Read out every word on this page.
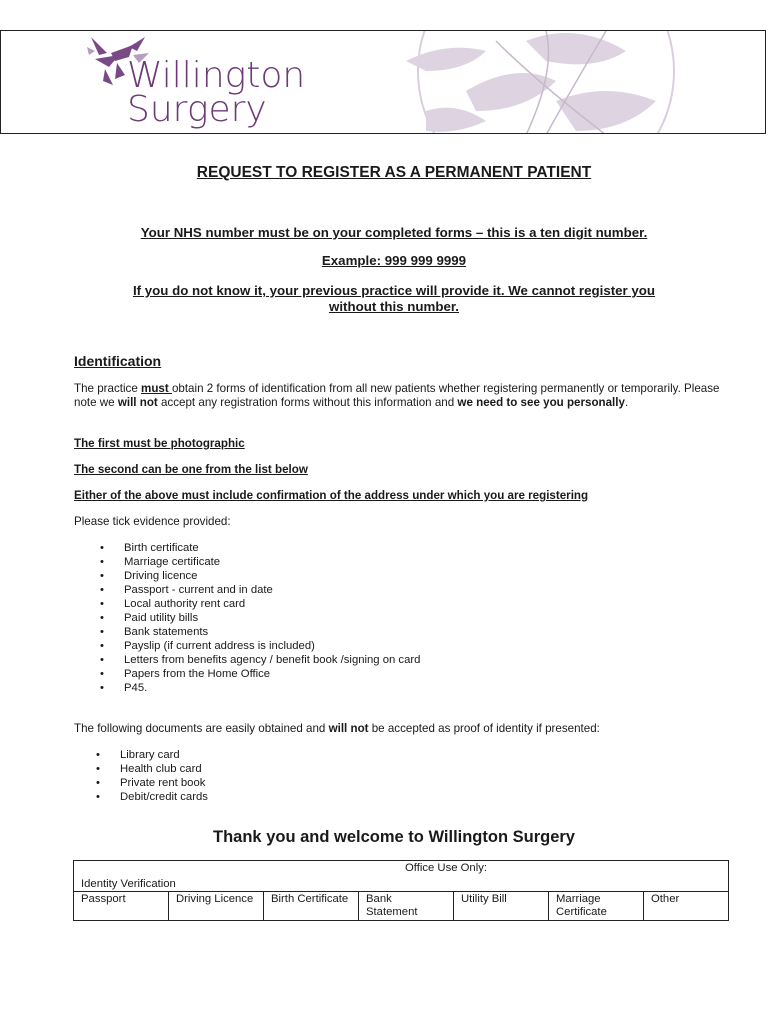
Willington
Surgery
REQUEST TO REGISTER AS A PERMANENT PATIENT
Your NHS number must be on your completed forms – this is a ten digit number.
Example: 999 999 9999
If you do not know it, your previous practice will provide it. We cannot register you
without this number.
Identification
The practice must obtain 2 forms of identification from all new patients whether registering permanently or temporarily. Please note we will not accept any registration forms without this information and we need to see you personally.
The first must be photographic
The second can be one from the list below
Either of the above must include confirmation of the address under which you are registering
Please tick evidence provided:
• Birth certificate
• Marriage certificate
• Driving licence
• Passport - current and in date
• Local authority rent card
• Paid utility bills
• Bank statements
• Payslip (if current address is included)
• Letters from benefits agency / benefit book /signing on card
• Papers from the Home Office
• P45.
The following documents are easily obtained and will not be accepted as proof of identity if presented:
• Library card
• Health club card
• Private rent book
• Debit/credit cards
Thank you and welcome to Willington Surgery
Office Use Only:
Identity Verification

Passport	Driving Licence	Birth Certificate	Bank Statement	Utility Bill	Marriage Certificate	Other
